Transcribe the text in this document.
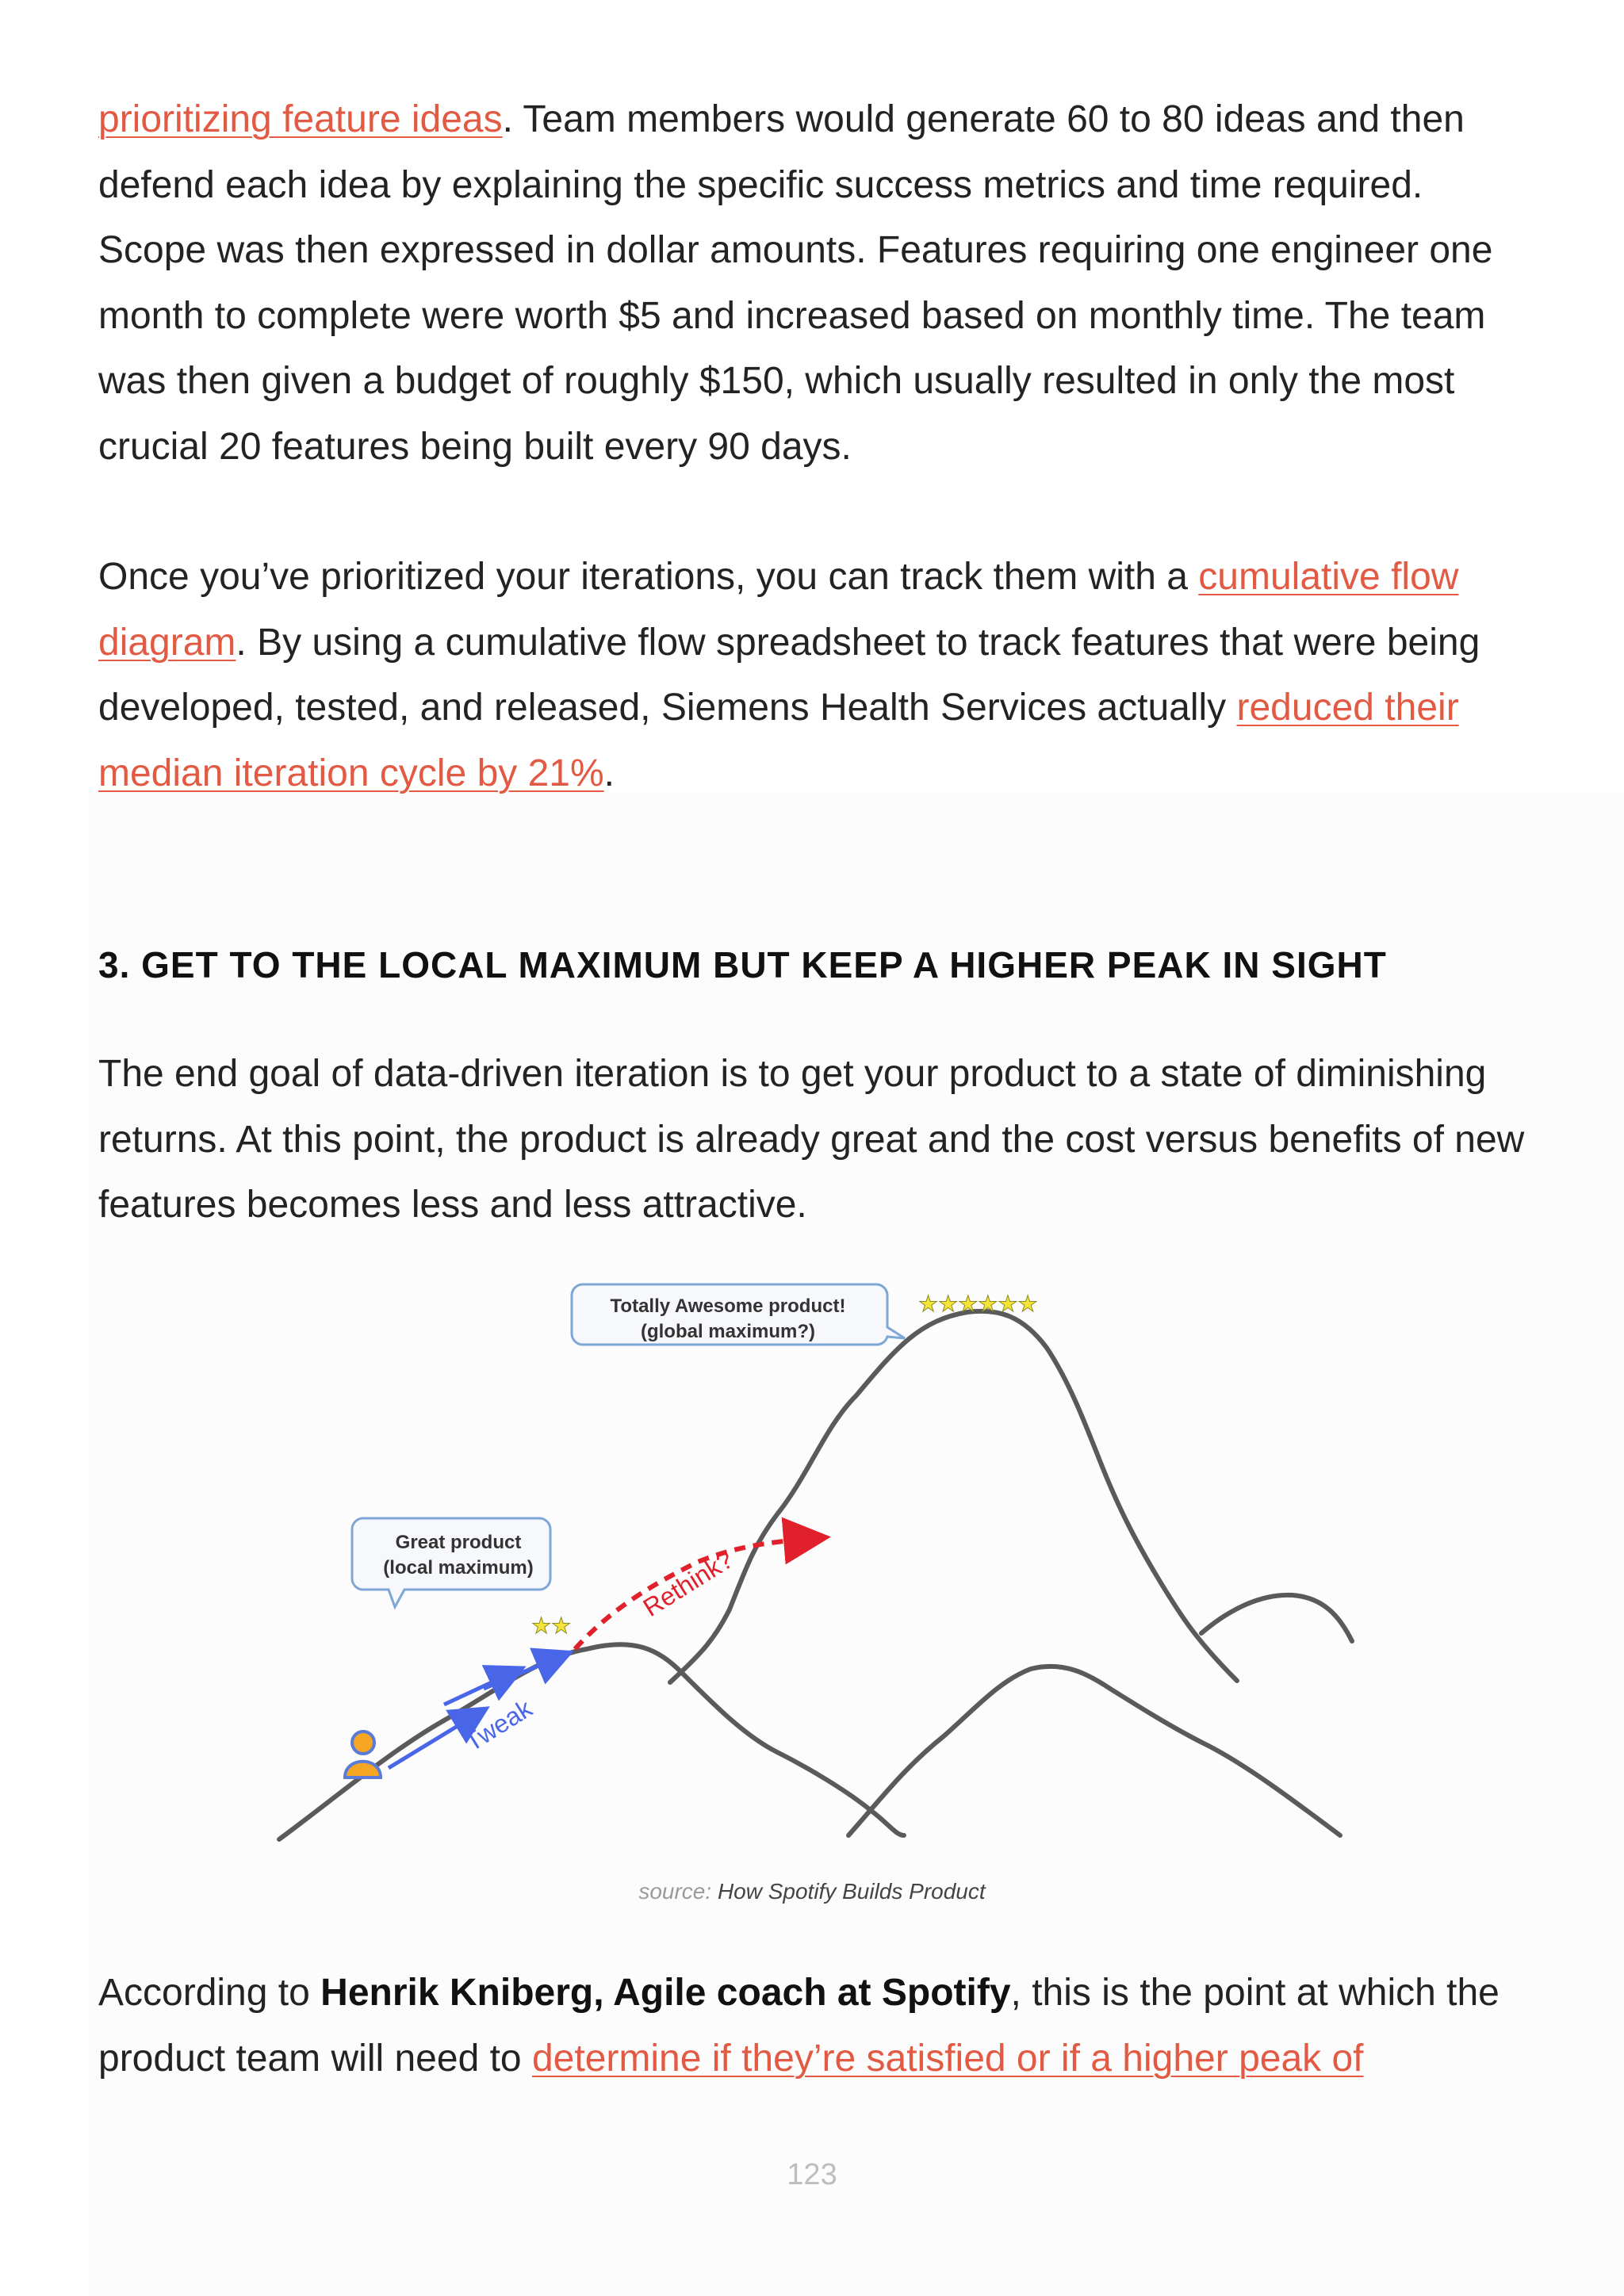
prioritizing feature ideas. Team members would generate 60 to 80 ideas and then defend each idea by explaining the specific success metrics and time required. Scope was then expressed in dollar amounts. Features requiring one engineer one month to complete were worth $5 and increased based on monthly time. The team was then given a budget of roughly $150, which usually resulted in only the most crucial 20 features being built every 90 days.

Once you’ve prioritized your iterations, you can track them with a cumulative flow diagram. By using a cumulative flow spreadsheet to track features that were being developed, tested, and released, Siemens Health Services actually reduced their median iteration cycle by 21%.

3. GET TO THE LOCAL MAXIMUM BUT KEEP A HIGHER PEAK IN SIGHT

The end goal of data-driven iteration is to get your product to a state of diminishing returns. At this point, the product is already great and the cost versus benefits of new features becomes less and less attractive.

Tweak
Rethink?
★★
★★★★★★
Great product
(local maximum)
Totally Awesome product!
(global maximum?)
source: How Spotify Builds Product

According to Henrik Kniberg, Agile coach at Spotify, this is the point at which the product team will need to determine if they’re satisfied or if a higher peak of

123
